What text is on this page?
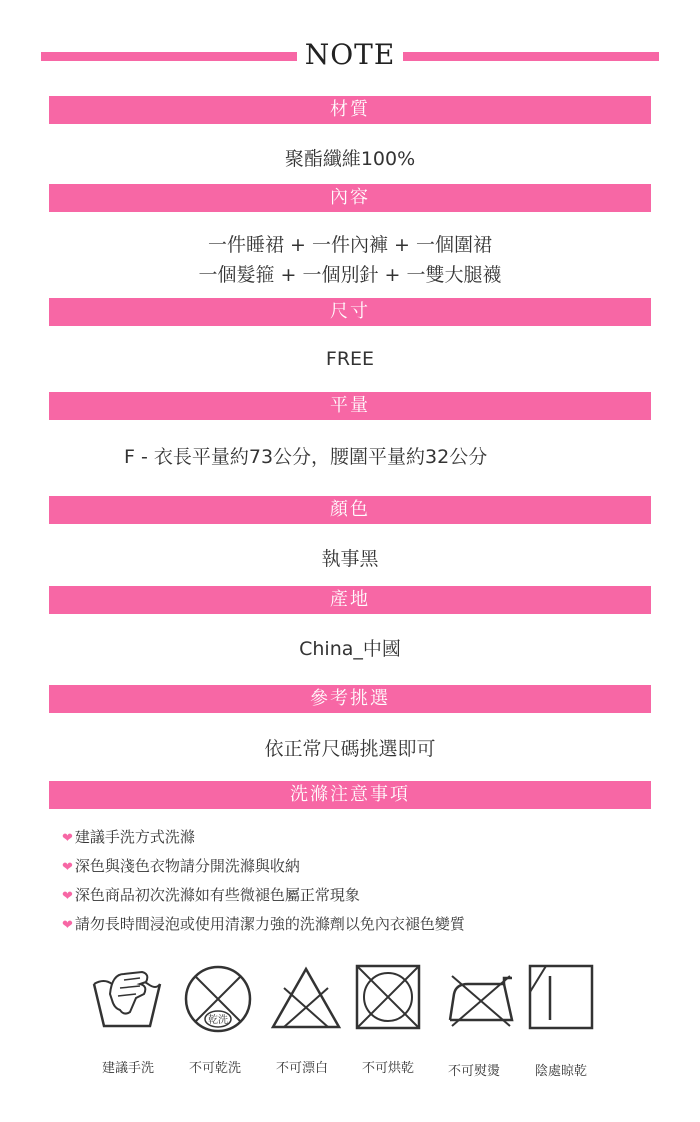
NOTE
材質
聚酯纖維100%
內容
一件睡裙 + 一件內褲 + 一個圍裙
一個髮箍 + 一個別針 + 一雙大腿襪
尺寸
FREE
平量
F - 衣長平量約73公分，腰圍平量約32公分
顏色
執事黑
產地
China_中國
參考挑選
依正常尺碼挑選即可
洗滌注意事項
❤ 建議手洗方式洗滌
❤ 深色與淺色衣物請分開洗滌與收納
❤ 深色商品初次洗滌如有些微褪色屬正常現象
❤ 請勿長時間浸泡或使用清潔力強的洗滌劑以免內衣褪色變質
乾洗
建議手洗	不可乾洗	不可漂白	不可烘乾	不可熨燙	陰處晾乾
